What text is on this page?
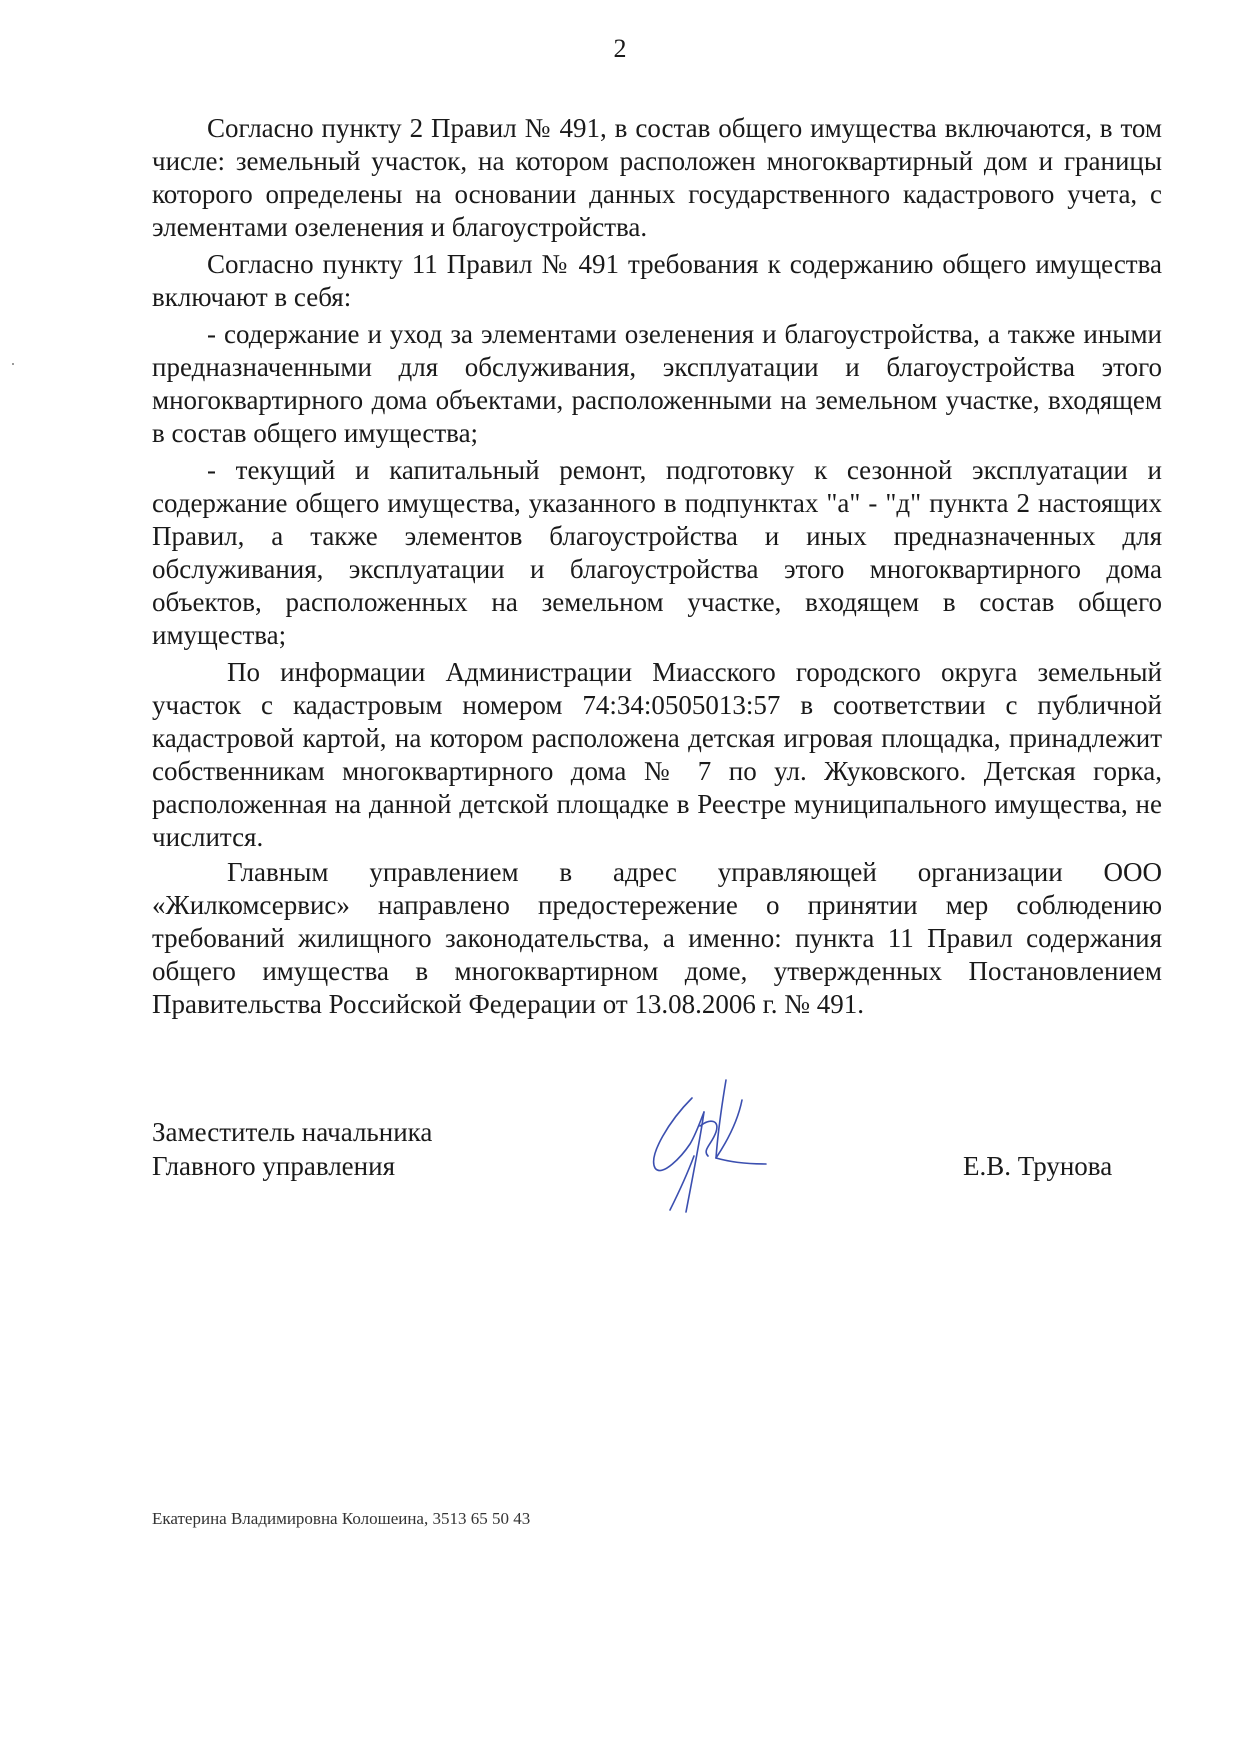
2

Согласно пункту 2 Правил № 491, в состав общего имущества включаются, в том числе: земельный участок, на котором расположен многоквартирный дом и границы которого определены на основании данных государственного кадастрового учета, с элементами озеленения и благоустройства.

Согласно пункту 11 Правил № 491 требования к содержанию общего имущества включают в себя:

- содержание и уход за элементами озеленения и благоустройства, а также иными предназначенными для обслуживания, эксплуатации и благоустройства этого многоквартирного дома объектами, расположенными на земельном участке, входящем в состав общего имущества;

- текущий и капитальный ремонт, подготовку к сезонной эксплуатации и содержание общего имущества, указанного в подпунктах "а" - "д" пункта 2 настоящих Правил, а также элементов благоустройства и иных предназначенных для обслуживания, эксплуатации и благоустройства этого многоквартирного дома объектов, расположенных на земельном участке, входящем в состав общего имущества;

По информации Администрации Миасского городского округа земельный участок с кадастровым номером 74:34:0505013:57 в соответствии с публичной кадастровой картой, на котором расположена детская игровая площадка, принадлежит собственникам многоквартирного дома № 7 по ул. Жуковского. Детская горка, расположенная на данной детской площадке в Реестре муниципального имущества, не числится.

Главным управлением в адрес управляющей организации ООО «Жилкомсервис» направлено предостережение о принятии мер соблюдению требований жилищного законодательства, а именно: пункта 11 Правил содержания общего имущества в многоквартирном доме, утвержденных Постановлением Правительства Российской Федерации от 13.08.2006 г. № 491.

Заместитель начальника
Главного управления	Е.В. Трунова
Екатерина Владимировна Колошеина, 3513 65 50 43
